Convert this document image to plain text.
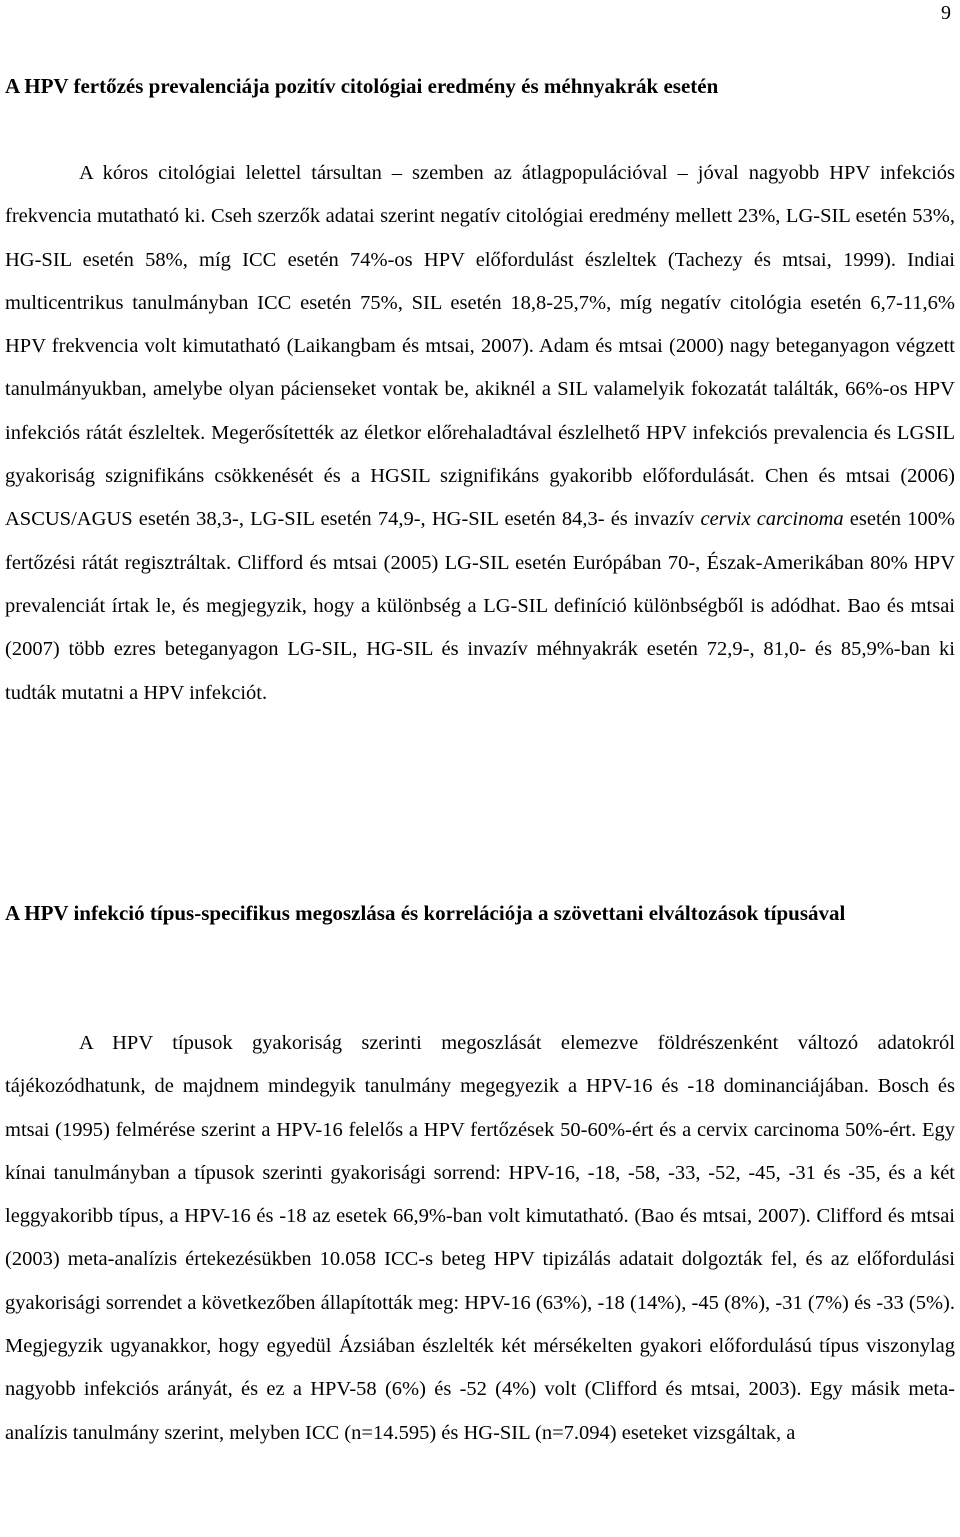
9
A HPV fertőzés prevalenciája pozitív citológiai eredmény és méhnyakrák esetén

A kóros citológiai lelettel társultan – szemben az átlagpopulációval – jóval nagyobb HPV infekciós frekvencia mutatható ki. Cseh szerzők adatai szerint negatív citológiai eredmény mellett 23%, LG-SIL esetén 53%, HG-SIL esetén 58%, míg ICC esetén 74%-os HPV előfordulást észleltek (Tachezy és mtsai, 1999). Indiai multicentrikus tanulmányban ICC esetén 75%, SIL esetén 18,8-25,7%, míg negatív citológia esetén 6,7-11,6% HPV frekvencia volt kimutatható (Laikangbam és mtsai, 2007). Adam és mtsai (2000) nagy beteganyagon végzett tanulmányukban, amelybe olyan pácienseket vontak be, akiknél a SIL valamelyik fokozatát találták, 66%-os HPV infekciós rátát észleltek. Megerősítették az életkor előrehaladtával észlelhető HPV infekciós prevalencia és LGSIL gyakoriság szignifikáns csökkenését és a HGSIL szignifikáns gyakoribb előfordulását. Chen és mtsai (2006) ASCUS/AGUS esetén 38,3-, LG-SIL esetén 74,9-, HG-SIL esetén 84,3- és invazív cervix carcinoma esetén 100% fertőzési rátát regisztráltak. Clifford és mtsai (2005) LG-SIL esetén Európában 70-, Észak-Amerikában 80% HPV prevalenciát írtak le, és megjegyzik, hogy a különbség a LG-SIL definíció különbségből is adódhat. Bao és mtsai (2007) több ezres beteganyagon LG-SIL, HG-SIL és invazív méhnyakrák esetén 72,9-, 81,0- és 85,9%-ban ki tudták mutatni a HPV infekciót.

A HPV infekció típus-specifikus megoszlása és korrelációja a szövettani elváltozások típusával

A HPV típusok gyakoriság szerinti megoszlását elemezve földrészenként változó adatokról tájékozódhatunk, de majdnem mindegyik tanulmány megegyezik a HPV-16 és -18 dominanciájában. Bosch és mtsai (1995) felmérése szerint a HPV-16 felelős a HPV fertőzések 50-60%-ért és a cervix carcinoma 50%-ért. Egy kínai tanulmányban a típusok szerinti gyakorisági sorrend: HPV-16, -18, -58, -33, -52, -45, -31 és -35, és a két leggyakoribb típus, a HPV-16 és -18 az esetek 66,9%-ban volt kimutatható. (Bao és mtsai, 2007). Clifford és mtsai (2003) meta-analízis értekezésükben 10.058 ICC-s beteg HPV tipizálás adatait dolgozták fel, és az előfordulási gyakorisági sorrendet a következőben állapították meg: HPV-16 (63%), -18 (14%), -45 (8%), -31 (7%) és -33 (5%). Megjegyzik ugyanakkor, hogy egyedül Ázsiában észlelték két mérsékelten gyakori előfordulású típus viszonylag nagyobb infekciós arányát, és ez a HPV-58 (6%) és -52 (4%) volt (Clifford és mtsai, 2003). Egy másik meta-analízis tanulmány szerint, melyben ICC (n=14.595) és HG-SIL (n=7.094) eseteket vizsgáltak, a
